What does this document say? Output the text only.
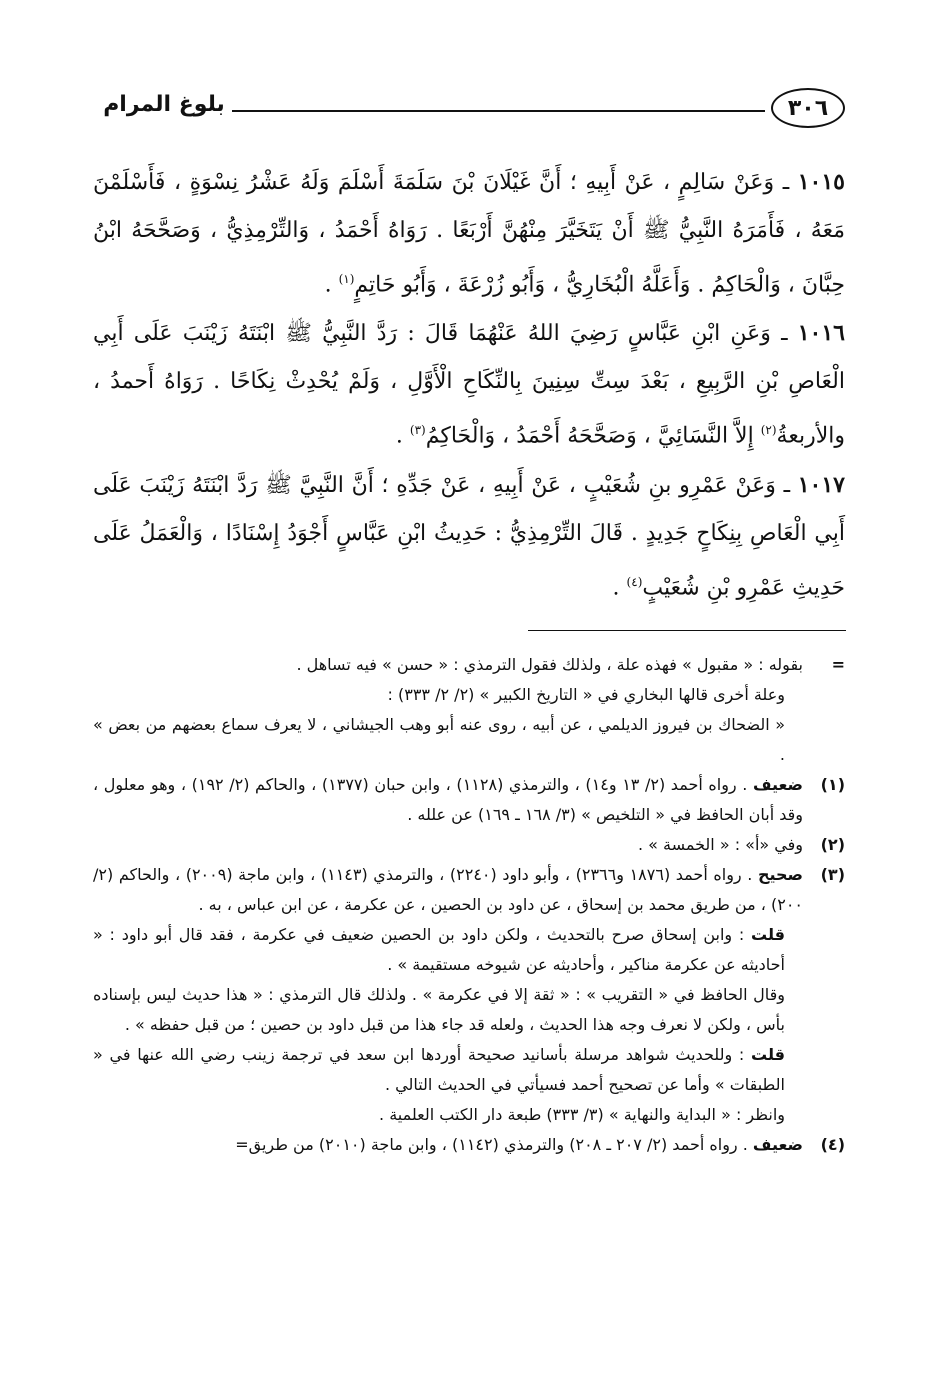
٣٠٦
بلوغ المرام

١٠١٥ ـ وَعَنْ سَالِمٍ ، عَنْ أَبِيهِ ؛ أَنَّ غَيْلَانَ بْنَ سَلَمَةَ أَسْلَمَ وَلَهُ عَشْرُ نِسْوَةٍ ، فَأَسْلَمْنَ مَعَهُ ، فَأَمَرَهُ النَّبِيُّ ﷺ أَنْ يَتَخَيَّرَ مِنْهُنَّ أَرْبَعًا . رَوَاهُ أَحْمَدُ ، وَالتِّرْمِذِيُّ ، وَصَحَّحَهُ ابْنُ حِبَّانَ ، وَالْحَاكِمُ . وَأَعَلَّهُ الْبُخَارِيُّ ، وَأَبُو زُرْعَةَ ، وَأَبُو حَاتِمٍ$^{(١)}$ .

١٠١٦ ـ وَعَنِ ابْنِ عَبَّاسٍ رَضِيَ اللهُ عَنْهُمَا قَالَ : رَدَّ النَّبِيُّ ﷺ ابْنَتَهُ زَيْنَبَ عَلَى أَبِي الْعَاصِ بْنِ الرَّبِيعِ ، بَعْدَ سِتِّ سِنِينَ بِالنِّكَاحِ الْأَوَّلِ ، وَلَمْ يُحْدِثْ نِكَاحًا . رَوَاهُ أَحمدُ ، والأربعةُ$^{(٢)}$ إِلاَّ النَّسَائِيَّ ، وَصَحَّحَهُ أَحْمَدُ ، وَالْحَاكِمُ$^{(٣)}$ .

١٠١٧ ـ وَعَنْ عَمْرِو بنِ شُعَيْبٍ ، عَنْ أَبِيهِ ، عَنْ جَدِّهِ ؛ أَنَّ النَّبِيَّ ﷺ رَدَّ ابْنَتَهُ زَيْنَبَ عَلَى أَبِي الْعَاصِ بِنِكَاحٍ جَدِيدٍ . قَالَ التِّرْمِذِيُّ : حَدِيثُ ابْنِ عَبَّاسٍ أَجْوَدُ إِسْنَادًا ، وَالْعَمَلُ عَلَى حَدِيثِ عَمْرِو بْنِ شُعَيْبٍ$^{(٤)}$ .

=

بقوله : « مقبول » فهذه علة ، ولذلك فقول الترمذي : « حسن » فيه تساهل .

وعلة أخرى قالها البخاري في « التاريخ الكبير » (٢/ ٢/ ٣٣٣) :

« الضحاك بن فيروز الديلمي ، عن أبيه ، روى عنه أبو وهب الجيشاني ، لا يعرف سماع بعضهم من بعض » .

(١)

ضعيف . رواه أحمد (٢/ ١٣ و١٤) ، والترمذي (١١٢٨) ، وابن حبان (١٣٧٧) ، والحاكم (٢/ ١٩٢) ، وهو معلول ، وقد أبان الحافظ في « التلخيص » (٣/ ١٦٨ ـ ١٦٩) عن علله .

(٢)

وفي «أ» : « الخمسة » .

(٣)

صحيح . رواه أحمد (١٨٧٦ و٢٣٦٦) ، وأبو داود (٢٢٤٠) ، والترمذي (١١٤٣) ، وابن ماجة (٢٠٠٩) ، والحاكم (٢/ ٢٠٠) ، من طريق محمد بن إسحاق ، عن داود بن الحصين ، عن عكرمة ، عن ابن عباس ، به .

قلت : وابن إسحاق صرح بالتحديث ، ولكن داود بن الحصين ضعيف في عكرمة ، فقد قال أبو داود : « أحاديثه عن عكرمة مناكير ، وأحاديثه عن شيوخه مستقيمة » .

وقال الحافظ في « التقريب » : « ثقة إلا في عكرمة » . ولذلك قال الترمذي : « هذا حديث ليس بإسناده بأس ، ولكن لا نعرف وجه هذا الحديث ، ولعله قد جاء هذا من قبل داود بن حصين ؛ من قبل حفظه » .

قلت : وللحديث شواهد مرسلة بأسانيد صحيحة أوردها ابن سعد في ترجمة زينب رضي الله عنها في « الطبقات » وأما عن تصحيح أحمد فسيأتي في الحديث التالي .

وانظر : « البداية والنهاية » (٣/ ٣٣٣) طبعة دار الكتب العلمية .

(٤)

ضعيف . رواه أحمد (٢/ ٢٠٧ ـ ٢٠٨) والترمذي (١١٤٢) ، وابن ماجة (٢٠١٠) من طريق=
